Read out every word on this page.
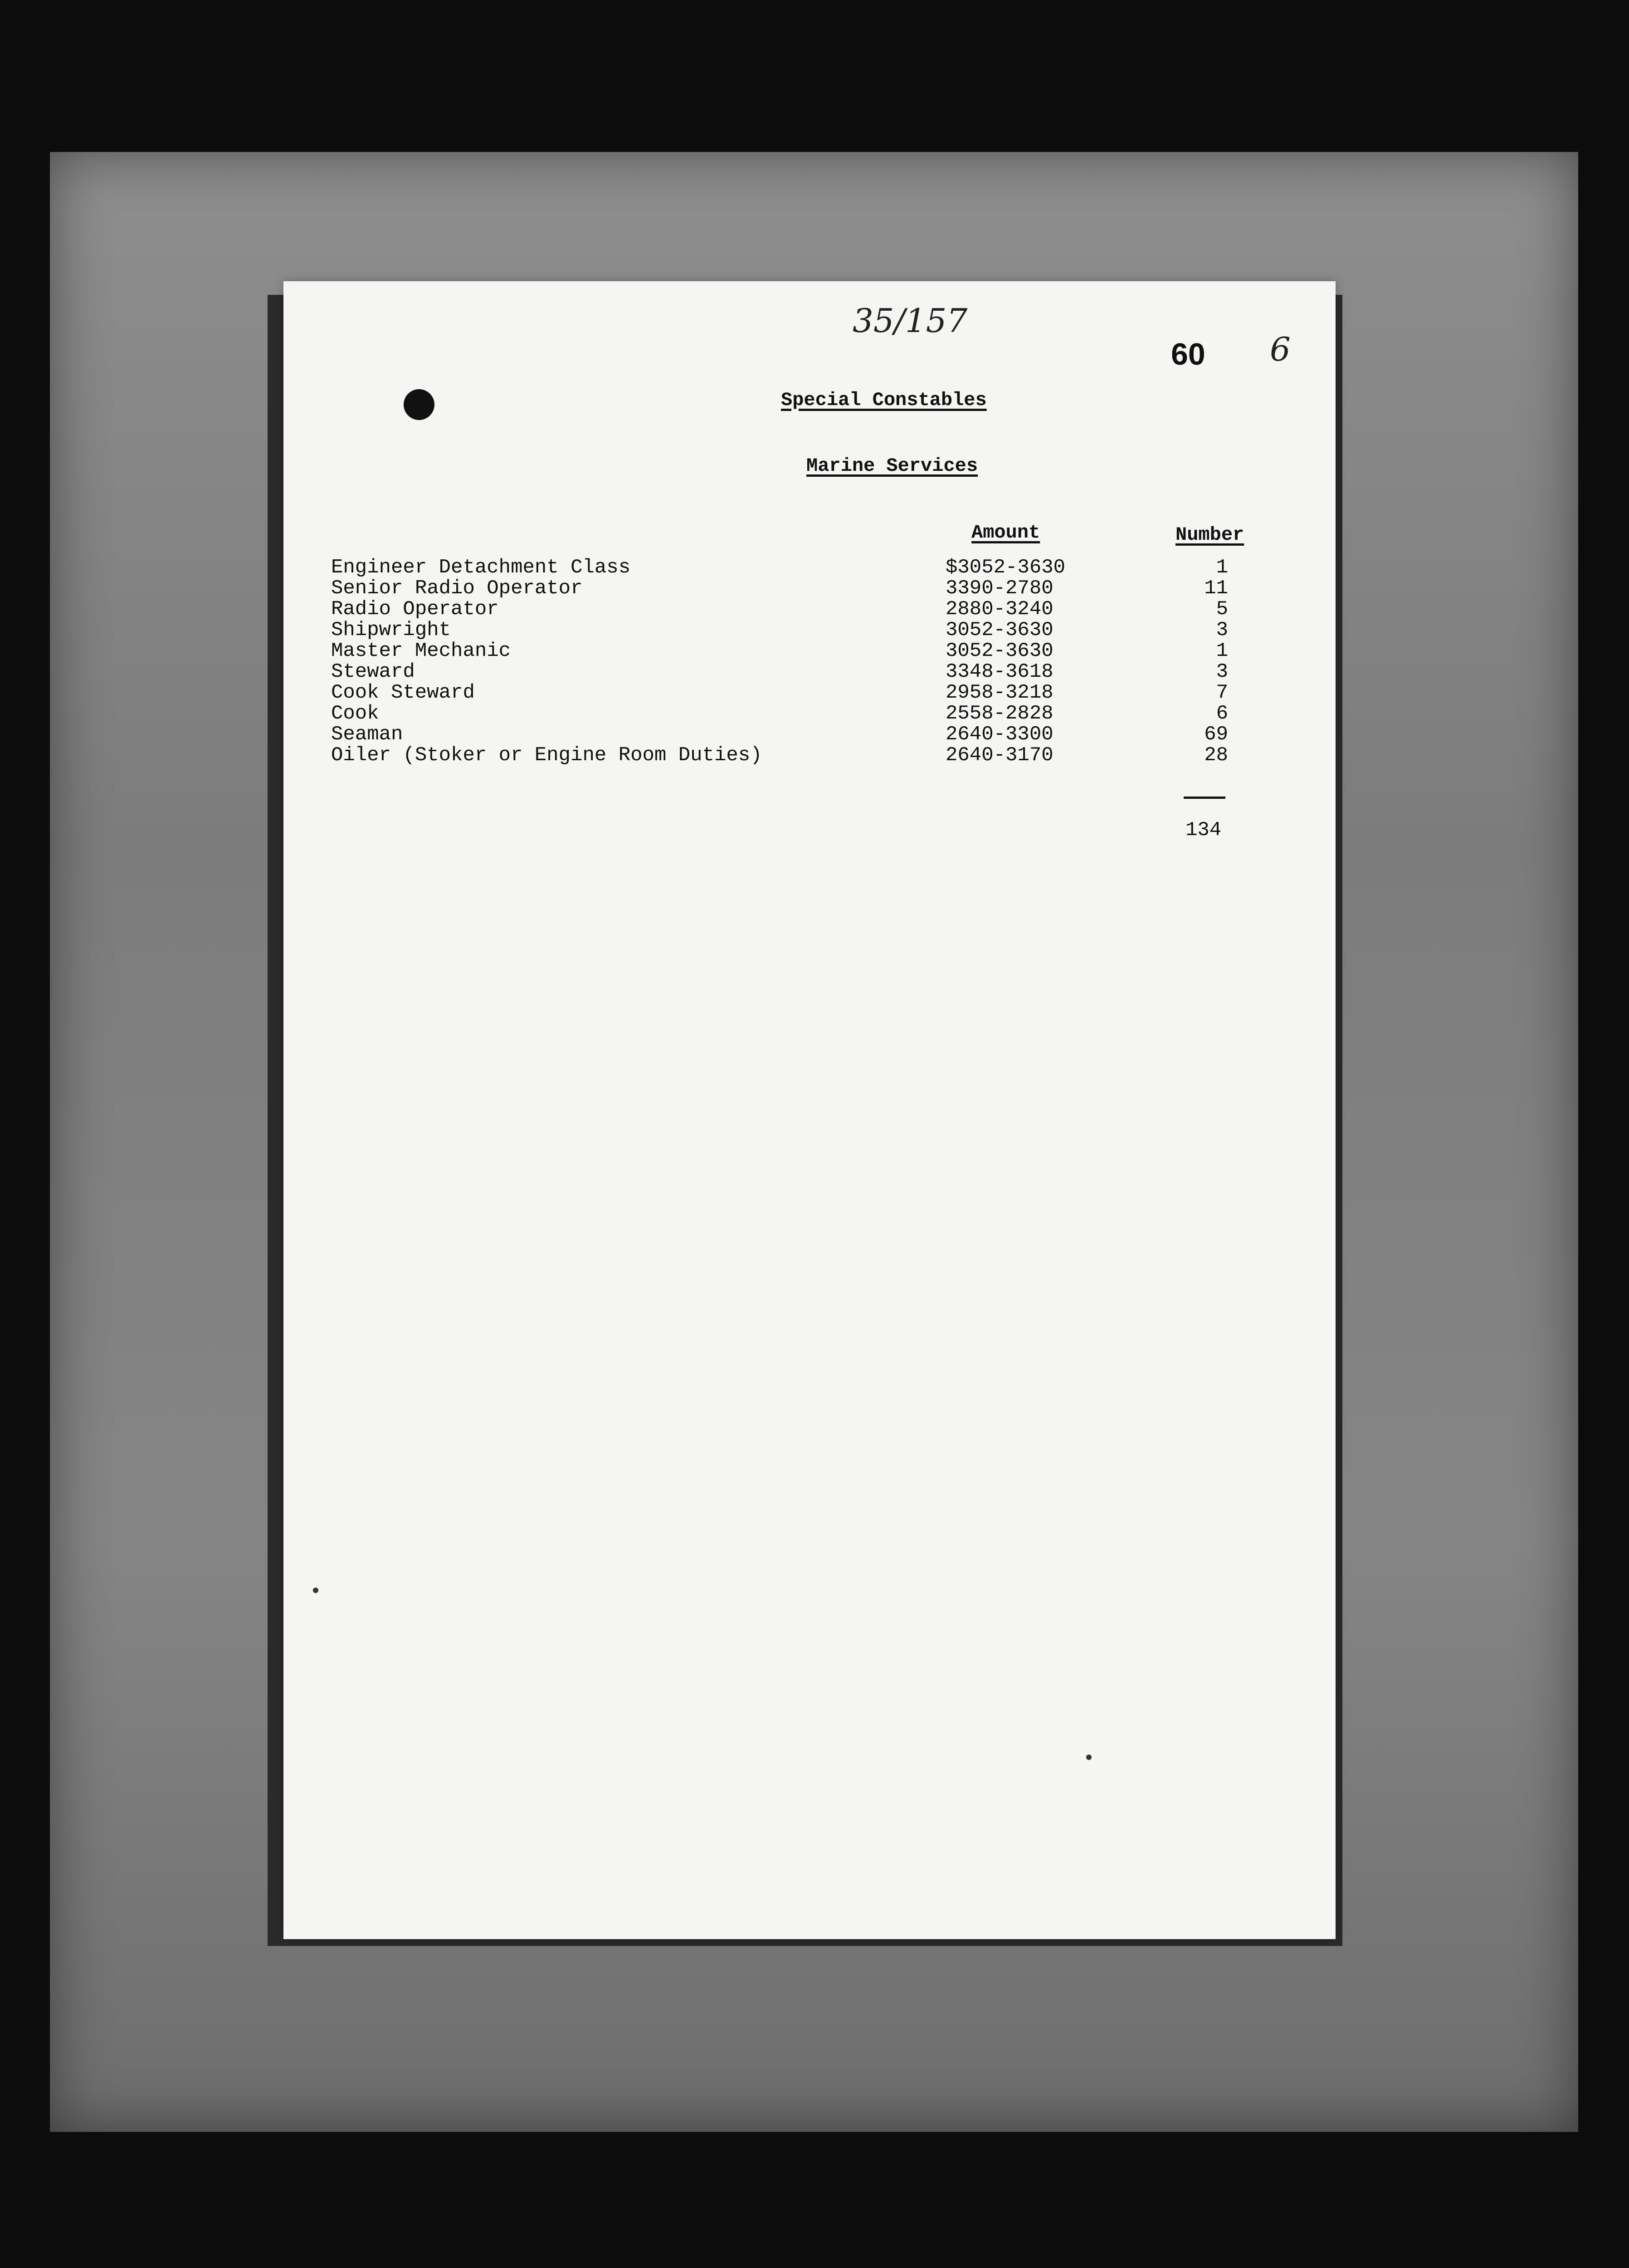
35/157
60 6
Special Constables
Marine Services
Amount	Number
Engineer Detachment Class	$3052-3630	1
Senior Radio Operator	3390-2780	11
Radio Operator	2880-3240	5
Shipwright	3052-3630	3
Master Mechanic	3052-3630	1
Steward	3348-3618	3
Cook Steward	2958-3218	7
Cook	2558-2828	6
Seaman	2640-3300	69
Oiler (Stoker or Engine Room Duties)	2640-3170	28
134
